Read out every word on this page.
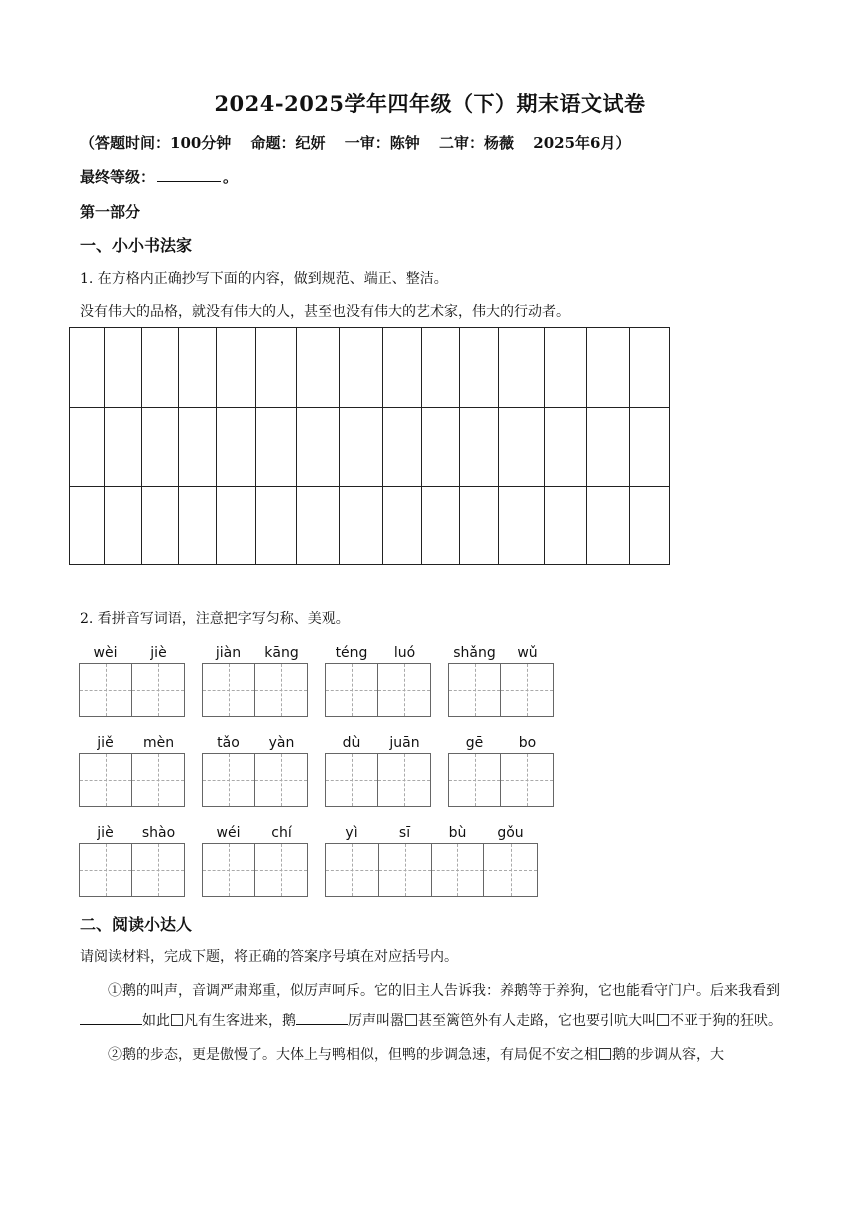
2024-2025学年四年级（下）期末语文试卷
（答题时间：100分钟 命题：纪妍 一审：陈钟 二审：杨薇 2025年6月）
最终等级：	。
第一部分
一、小小书法家
1. 在方格内正确抄写下面的内容，做到规范、端正、整洁。
没有伟大的品格，就没有伟大的人，甚至也没有伟大的艺术家，伟大的行动者。
2. 看拼音写词语，注意把字写匀称、美观。
wèi	jiè	jiàn	kāng	téng	luó	shǎng	wǔ
jiě	mèn	tǎo	yàn	dù	juān	gē	bo
jiè	shào	wéi	chí	yì	sī	bù	gǒu
二、阅读小达人
请阅读材料，完成下题，将正确的答案序号填在对应括号内。

①鹅的叫声，音调严肃郑重，似厉声呵斥。它的旧主人告诉我：养鹅等于养狗，它也能看守门户。后来我看到如此 凡有生客进来，鹅	厉声叫嚣 甚至篱笆外有人走路，它也要引吭大叫 不亚于狗的狂吠。

②鹅的步态，更是傲慢了。大体上与鸭相似，但鸭的步调急速，有局促不安之相 鹅的步调从容，大
